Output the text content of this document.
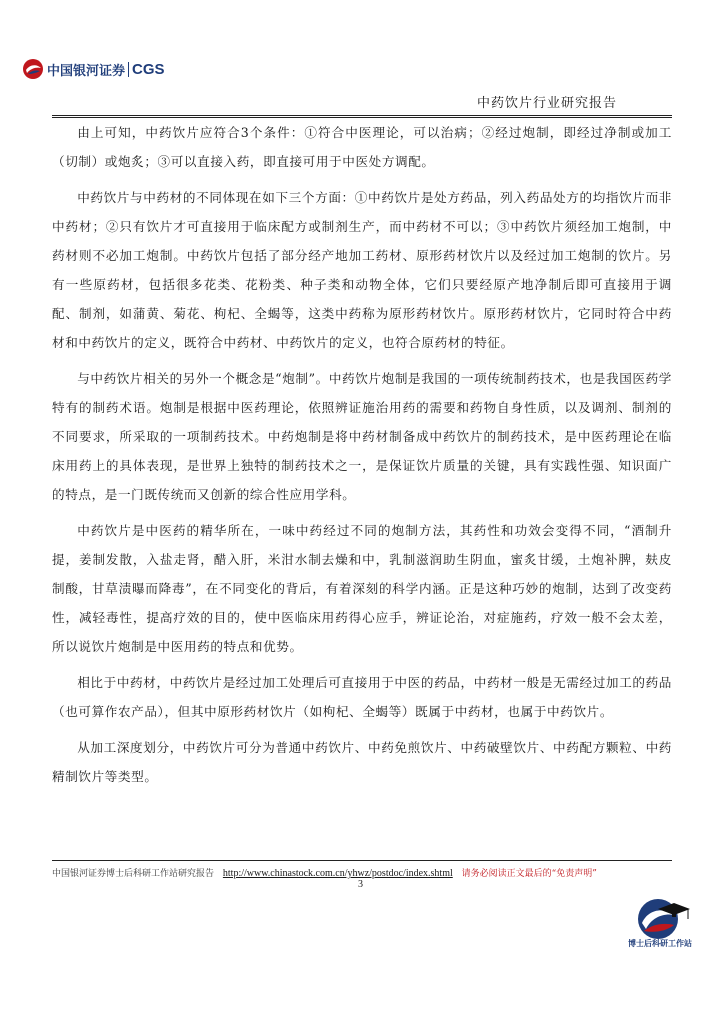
中国银河证券 CGS
中药饮片行业研究报告

由上可知，中药饮片应符合3个条件：①符合中医理论，可以治病；②经过炮制，即经过净制或加工（切制）或炮炙；③可以直接入药，即直接可用于中医处方调配。

中药饮片与中药材的不同体现在如下三个方面：①中药饮片是处方药品，列入药品处方的均指饮片而非中药材；②只有饮片才可直接用于临床配方或制剂生产，而中药材不可以；③中药饮片须经加工炮制，中药材则不必加工炮制。中药饮片包括了部分经产地加工药材、原形药材饮片以及经过加工炮制的饮片。另有一些原药材，包括很多花类、花粉类、种子类和动物全体，它们只要经原产地净制后即可直接用于调配、制剂，如蒲黄、菊花、枸杞、全蝎等，这类中药称为原形药材饮片。原形药材饮片，它同时符合中药材和中药饮片的定义，既符合中药材、中药饮片的定义，也符合原药材的特征。

与中药饮片相关的另外一个概念是“炮制”。中药饮片炮制是我国的一项传统制药技术，也是我国医药学特有的制药术语。炮制是根据中医药理论，依照辨证施治用药的需要和药物自身性质，以及调剂、制剂的不同要求，所采取的一项制药技术。中药炮制是将中药材制备成中药饮片的制药技术，是中医药理论在临床用药上的具体表现，是世界上独特的制药技术之一，是保证饮片质量的关键，具有实践性强、知识面广的特点，是一门既传统而又创新的综合性应用学科。

中药饮片是中医药的精华所在，一味中药经过不同的炮制方法，其药性和功效会变得不同，“酒制升提，姜制发散，入盐走肾，醋入肝，米泔水制去燥和中，乳制滋润助生阴血，蜜炙甘缓，土炮补脾，麸皮制酸，甘草渍曝而降毒”，在不同变化的背后，有着深刻的科学内涵。正是这种巧妙的炮制，达到了改变药性，减轻毒性，提高疗效的目的，使中医临床用药得心应手，辨证论治，对症施药，疗效一般不会太差，所以说饮片炮制是中医用药的特点和优势。

相比于中药材，中药饮片是经过加工处理后可直接用于中医的药品，中药材一般是无需经过加工的药品（也可算作农产品），但其中原形药材饮片（如枸杞、全蝎等）既属于中药材，也属于中药饮片。

从加工深度划分，中药饮片可分为普通中药饮片、中药免煎饮片、中药破壁饮片、中药配方颗粒、中药精制饮片等类型。

中国银河证券博士后科研工作站研究报告 http://www.chinastock.com.cn/yhwz/postdoc/index.shtml 请务必阅读正文最后的“免责声明”
3
博士后科研工作站
